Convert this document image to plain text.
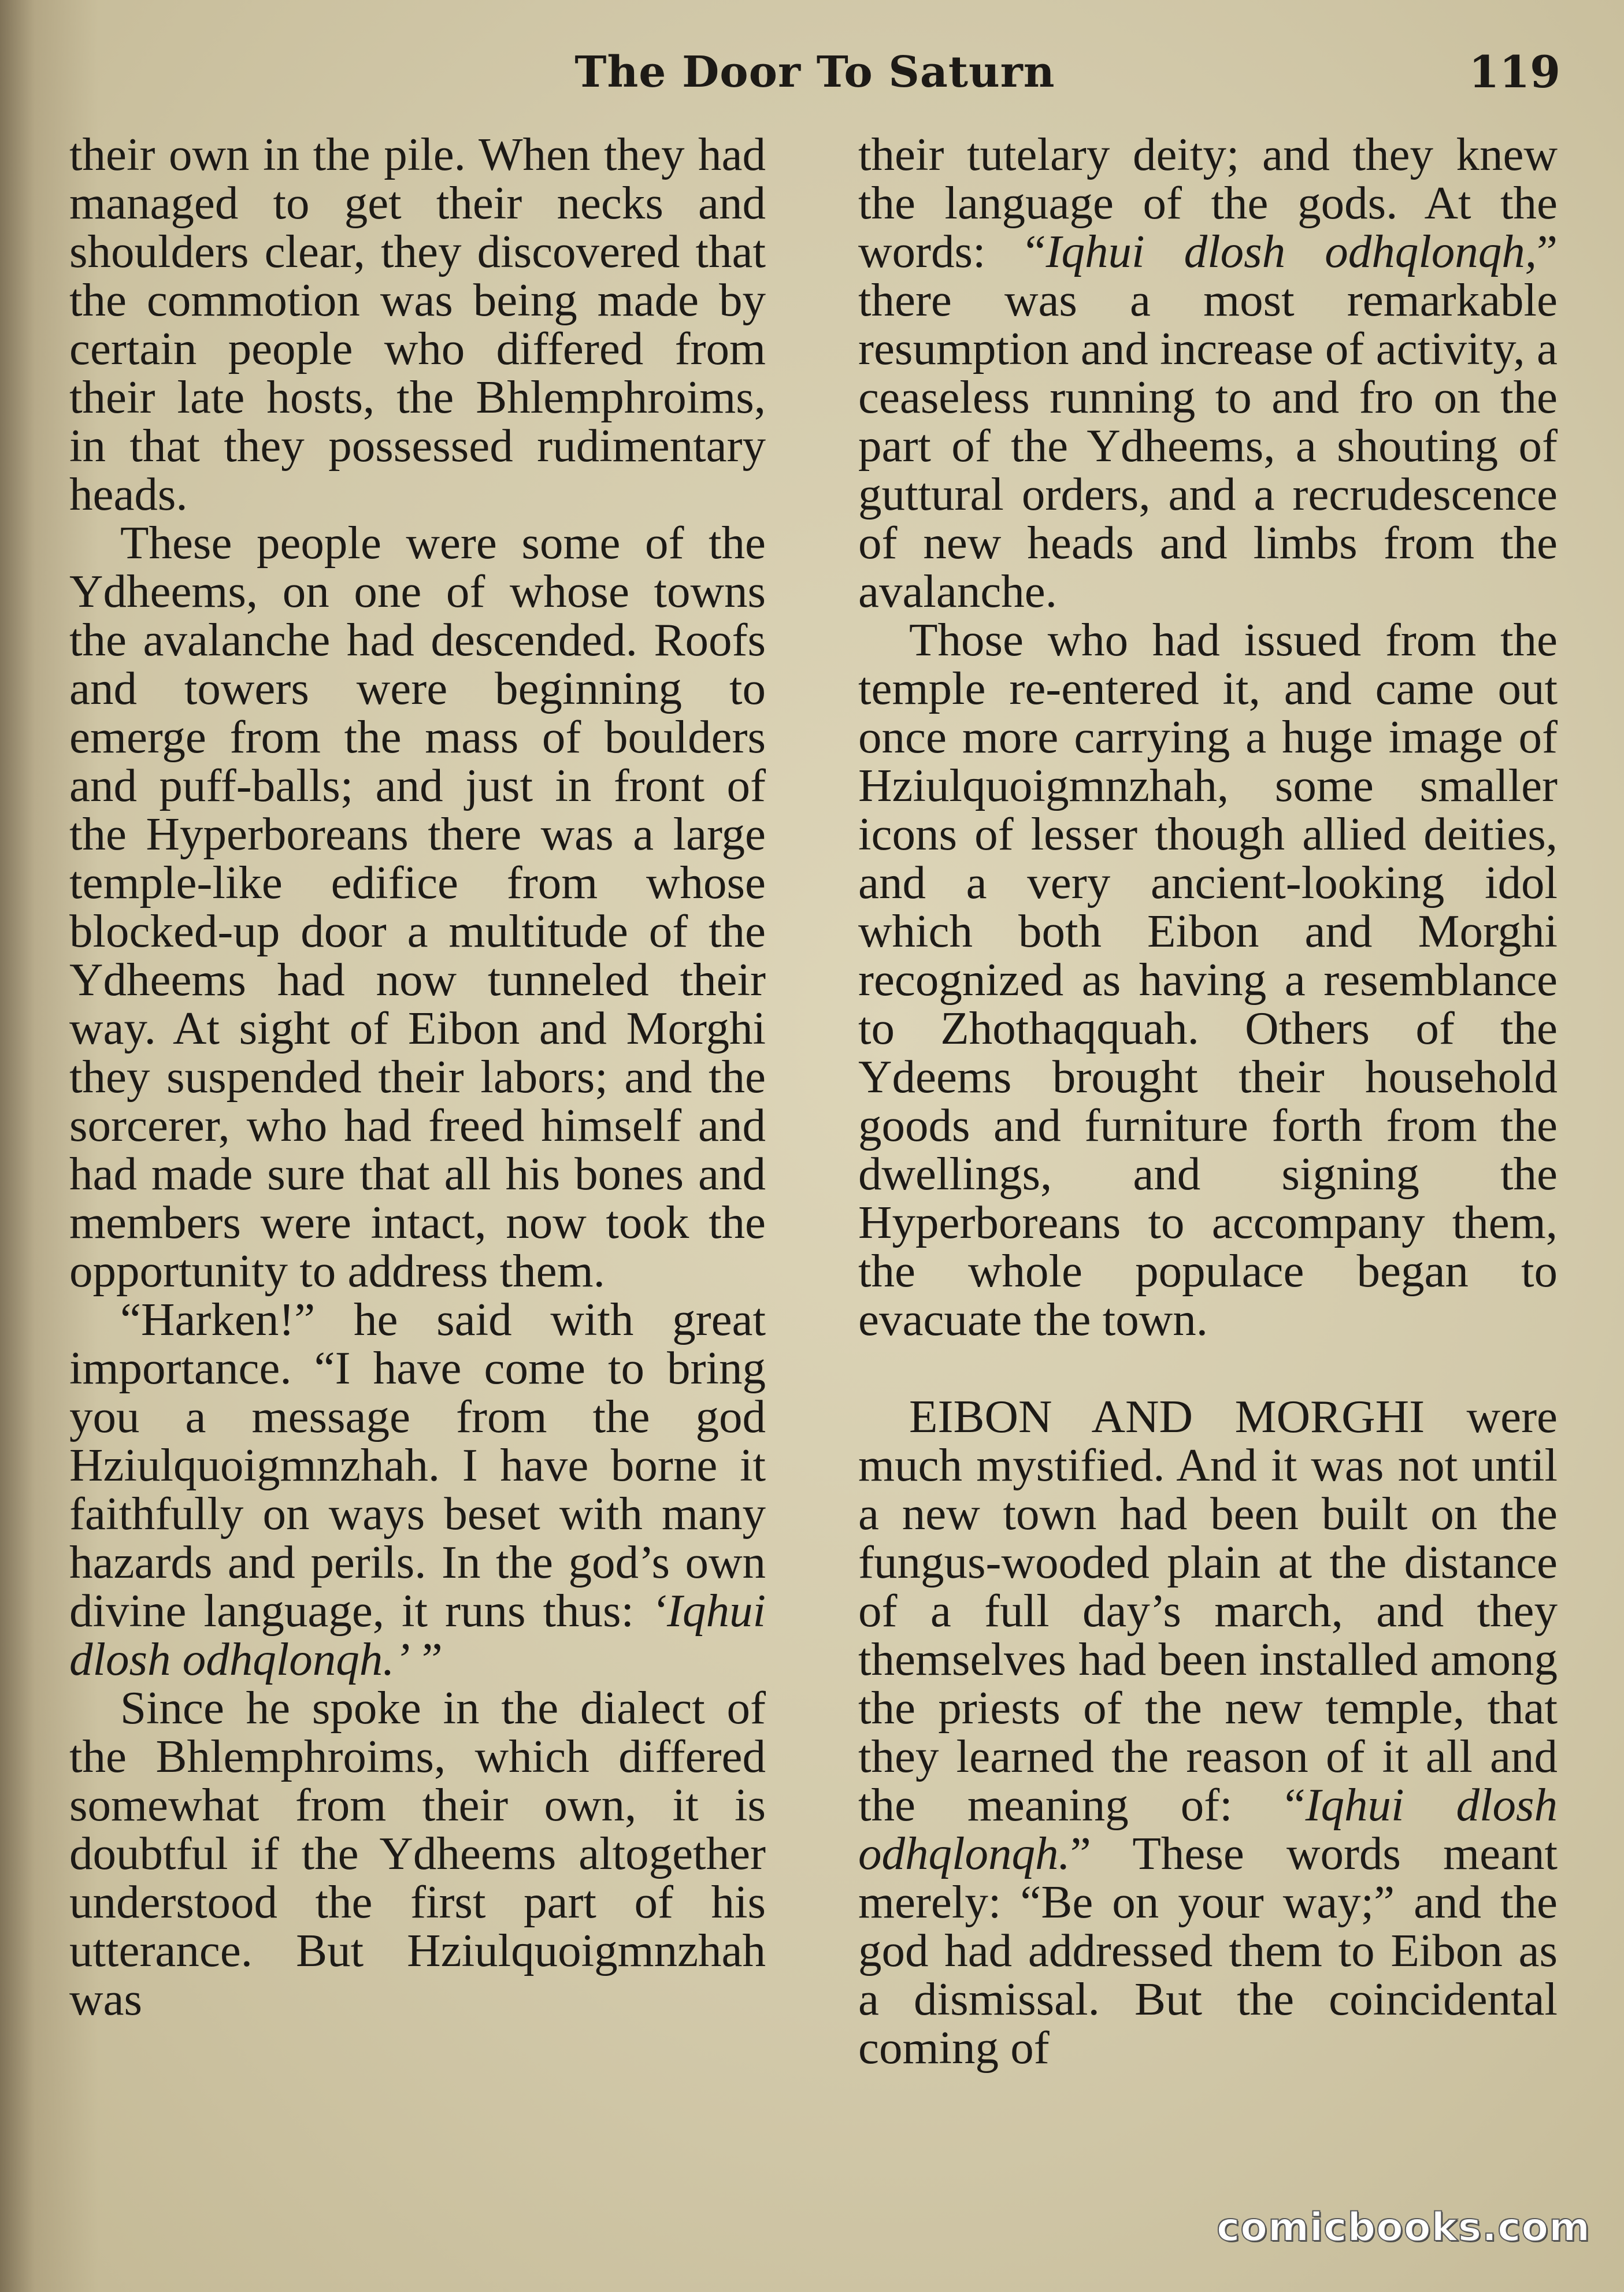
The Door To Saturn	119

their own in the pile. When they had managed to get their necks and shoulders clear, they discovered that the commotion was being made by certain people who differed from their late hosts, the Bhlemphroims, in that they possessed rudimentary heads.

These people were some of the Ydheems, on one of whose towns the avalanche had descended. Roofs and towers were beginning to emerge from the mass of boulders and puff-balls; and just in front of the Hyperboreans there was a large temple-like edifice from whose blocked-up door a multitude of the Ydheems had now tunneled their way. At sight of Eibon and Morghi they suspended their labors; and the sorcerer, who had freed himself and had made sure that all his bones and members were intact, now took the opportunity to address them.

“Harken!” he said with great importance. “I have come to bring you a message from the god Hziulquoigmnzhah. I have borne it faithfully on ways beset with many hazards and perils. In the god’s own divine language, it runs thus: ‘Iqhui dlosh odhqlonqh.’ ”

Since he spoke in the dialect of the Bhlemphroims, which differed somewhat from their own, it is doubtful if the Ydheems altogether understood the first part of his utterance. But Hziulquoigmnzhah was

their tutelary deity; and they knew the language of the gods. At the words: “Iqhui dlosh odhqlonqh,” there was a most remarkable resumption and increase of activity, a ceaseless running to and fro on the part of the Ydheems, a shouting of guttural orders, and a recrudescence of new heads and limbs from the avalanche.

Those who had issued from the temple re-entered it, and came out once more carrying a huge image of Hziulquoigmnzhah, some smaller icons of lesser though allied deities, and a very ancient-looking idol which both Eibon and Morghi recognized as having a resemblance to Zhothaqquah. Others of the Ydeems brought their household goods and furniture forth from the dwellings, and signing the Hyperboreans to accompany them, the whole populace began to evacuate the town.

EIBON AND MORGHI were much mystified. And it was not until a new town had been built on the fungus-wooded plain at the distance of a full day’s march, and they themselves had been installed among the priests of the new temple, that they learned the reason of it all and the meaning of: “Iqhui dlosh odhqlonqh.” These words meant merely: “Be on your way;” and the god had addressed them to Eibon as a dismissal. But the coincidental coming of

comicbooks.com
